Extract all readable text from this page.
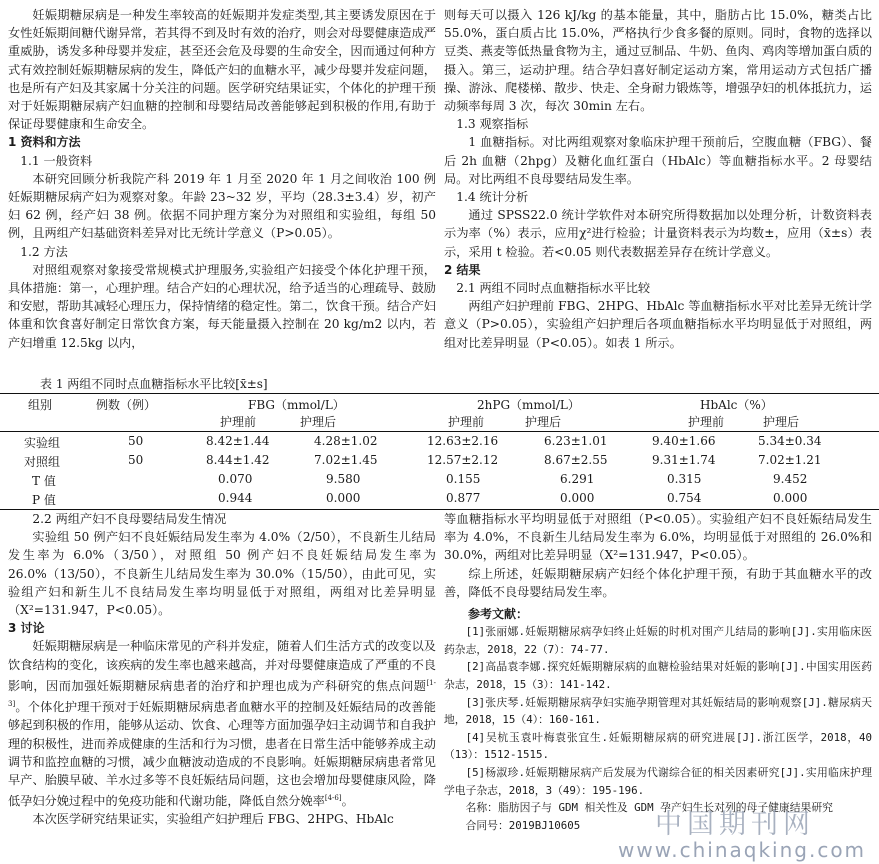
妊娠期糖尿病是一种发生率较高的妊娠期并发症类型,其主要诱发原因在于女性妊娠期间糖代谢异常，若其得不到及时有效的治疗，则会对母婴健康造成严重威胁，诱发多种母婴并发症，甚至还会危及母婴的生命安全，因而通过何种方式有效控制妊娠期糖尿病的发生，降低产妇的血糖水平，减少母婴并发症问题，也是所有产妇及其家属十分关注的问题。医学研究结果证实，个体化的护理干预对于妊娠期糖尿病产妇血糖的控制和母婴结局改善能够起到积极的作用,有助于保证母婴健康和生命安全。

1 资料和方法

1.1 一般资料

本研究回顾分析我院产科 2019 年 1 月至 2020 年 1 月之间收治 100 例妊娠期糖尿病产妇为观察对象。年龄 23~32 岁，平均（28.3±3.4）岁，初产妇 62 例，经产妇 38 例。依据不同护理方案分为对照组和实验组，每组 50 例，且两组产妇基础资料差异对比无统计学意义（P>0.05）。

1.2 方法

对照组观察对象接受常规模式护理服务,实验组产妇接受个体化护理干预，具体措施：第一，心理护理。结合产妇的心理状况，给予适当的心理疏导、鼓励和安慰，帮助其减轻心理压力，保持情绪的稳定性。第二，饮食干预。结合产妇体重和饮食喜好制定日常饮食方案，每天能量摄入控制在 20 kg/m2 以内，若产妇增重 12.5kg 以内，

则每天可以摄入 126 kJ/kg 的基本能量，其中，脂肪占比 15.0%，糖类占比 55.0%，蛋白质占比 15.0%，严格执行少食多餐的原则。同时，食物的选择以豆类、燕麦等低热量食物为主，通过豆制品、牛奶、鱼肉、鸡肉等增加蛋白质的摄入。第三，运动护理。结合孕妇喜好制定运动方案，常用运动方式包括广播操、游泳、爬楼梯、散步、快走、全身耐力锻炼等，增强孕妇的机体抵抗力，运动频率每周 3 次，每次 30min 左右。

1.3 观察指标

1 血糖指标。对比两组观察对象临床护理干预前后，空腹血糖（FBG）、餐后 2h 血糖（2hpg）及糖化血红蛋白（HbAlc）等血糖指标水平。2 母婴结局。对比两组不良母婴结局发生率。

1.4 统计分析

通过 SPSS22.0 统计学软件对本研究所得数据加以处理分析，计数资料表示为率（%）表示，应用χ²进行检验；计量资料表示为均数±，应用（x̄±s）表示，采用 t 检验。若<0.05 则代表数据差异存在统计学意义。

2 结果

2.1 两组不同时点血糖指标水平比较

两组产妇护理前 FBG、2HPG、HbAlc 等血糖指标水平对比差异无统计学意义（P>0.05），实验组产妇护理后各项血糖指标水平均明显低于对照组，两组对比差异明显（P<0.05）。如表 1 所示。

表 1 两组不同时点血糖指标水平比较[x̄±s]
组别	例数（例）	FBG（mmol/L）	2hPG（mmol/L）	HbAlc（%）
护理前	护理后	护理前	护理后	护理前	护理后
实验组	50	8.42±1.44	4.28±1.02	12.63±2.16	6.23±1.01	9.40±1.66	5.34±0.34
对照组	50	8.44±1.42	7.02±1.45	12.57±2.12	8.67±2.55	9.31±1.74	7.02±1.21
T 值	0.070	9.580	0.155	6.291	0.315	9.452
P 值	0.944	0.000	0.877	0.000	0.754	0.000

2.2 两组产妇不良母婴结局发生情况

实验组 50 例产妇不良妊娠结局发生率为 4.0%（2/50），不良新生儿结局发生率为 6.0%（3/50），对照组 50 例产妇不良妊娠结局发生率为 26.0%（13/50），不良新生儿结局发生率为 30.0%（15/50），由此可见，实验组产妇和新生儿不良结局发生率均明显低于对照组，两组对比差异明显（X²=131.947，P<0.05）。

3 讨论

妊娠期糖尿病是一种临床常见的产科并发症，随着人们生活方式的改变以及饮食结构的变化，该疾病的发生率也越来越高，并对母婴健康造成了严重的不良影响，因而加强妊娠期糖尿病患者的治疗和护理也成为产科研究的焦点问题[1-3]。个体化护理干预对于妊娠期糖尿病患者血糖水平的控制及妊娠结局的改善能够起到积极的作用，能够从运动、饮食、心理等方面加强孕妇主动调节和自我护理的积极性，进而养成健康的生活和行为习惯，患者在日常生活中能够养成主动调节和监控血糖的习惯，减少血糖波动造成的不良影响。妊娠期糖尿病患者常见早产、胎膜早破、羊水过多等不良妊娠结局问题，这也会增加母婴健康风险，降低孕妇分娩过程中的免疫功能和代谢功能，降低自然分娩率[4-6]。

本次医学研究结果证实，实验组产妇护理后 FBG、2HPG、HbAlc

等血糖指标水平均明显低于对照组（P<0.05）。实验组产妇不良妊娠结局发生率为 4.0%，不良新生儿结局发生率为 6.0%，均明显低于对照组的 26.0%和 30.0%，两组对比差异明显（X²=131.947，P<0.05）。

综上所述，妊娠期糖尿病产妇经个体化护理干预，有助于其血糖水平的改善，降低不良母婴结局发生率。

参考文献：

[1]张丽娜.妊娠期糖尿病孕妇终止妊娠的时机对围产儿结局的影响[J].实用临床医药杂志，2018，22（7）：74-77.

[2]高晶袁李娜.探究妊娠期糖尿病的血糖检验结果对妊娠的影响[J].中国实用医药杂志，2018，15（3）：141-142.

[3]张庆琴.妊娠期糖尿病孕妇实施孕期管理对其妊娠结局的影响观察[J].糖尿病天地，2018，15（4）：160-161.

[4]吴杭玉袁叶梅袁张宜生.妊娠期糖尿病的研究进展[J].浙江医学，2018，40（13）：1512-1515.

[5]杨淑珍.妊娠期糖尿病产后发展为代谢综合征的相关因素研究[J].实用临床护理学电子杂志，2018，3（49）：195-196.

名称：脂肪因子与 GDM 相关性及 GDM 孕产妇生长对列的母子健康结果研究

合同号：2019BJ10605	中国期刊网
www.chinaqking.com
